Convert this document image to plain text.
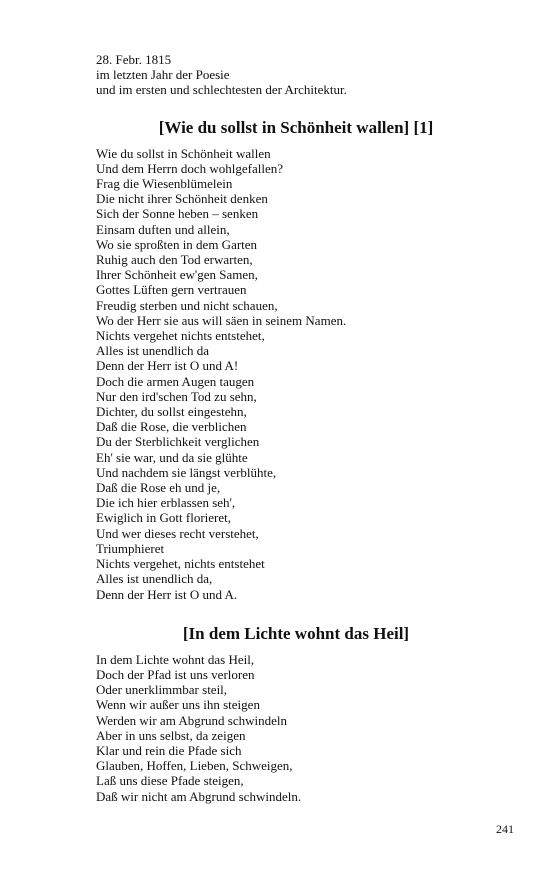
28. Febr. 1815
im letzten Jahr der Poesie
und im ersten und schlechtesten der Architektur.
[Wie du sollst in Schönheit wallen] [1]
Wie du sollst in Schönheit wallen
Und dem Herrn doch wohlgefallen?
Frag die Wiesenblümelein
Die nicht ihrer Schönheit denken
Sich der Sonne heben – senken
Einsam duften und allein,
Wo sie sproßten in dem Garten
Ruhig auch den Tod erwarten,
Ihrer Schönheit ew'gen Samen,
Gottes Lüften gern vertrauen
Freudig sterben und nicht schauen,
Wo der Herr sie aus will säen in seinem Namen.
Nichts vergehet nichts entstehet,
Alles ist unendlich da
Denn der Herr ist O und A!
Doch die armen Augen taugen
Nur den ird'schen Tod zu sehn,
Dichter, du sollst eingestehn,
Daß die Rose, die verblichen
Du der Sterblichkeit verglichen
Eh' sie war, und da sie glühte
Und nachdem sie längst verblühte,
Daß die Rose eh und je,
Die ich hier erblassen seh',
Ewiglich in Gott florieret,
Und wer dieses recht verstehet,
Triumphieret
Nichts vergehet, nichts entstehet
Alles ist unendlich da,
Denn der Herr ist O und A.
[In dem Lichte wohnt das Heil]
In dem Lichte wohnt das Heil,
Doch der Pfad ist uns verloren
Oder unerklimmbar steil,
Wenn wir außer uns ihn steigen
Werden wir am Abgrund schwindeln
Aber in uns selbst, da zeigen
Klar und rein die Pfade sich
Glauben, Hoffen, Lieben, Schweigen,
Laß uns diese Pfade steigen,
Daß wir nicht am Abgrund schwindeln.
241
